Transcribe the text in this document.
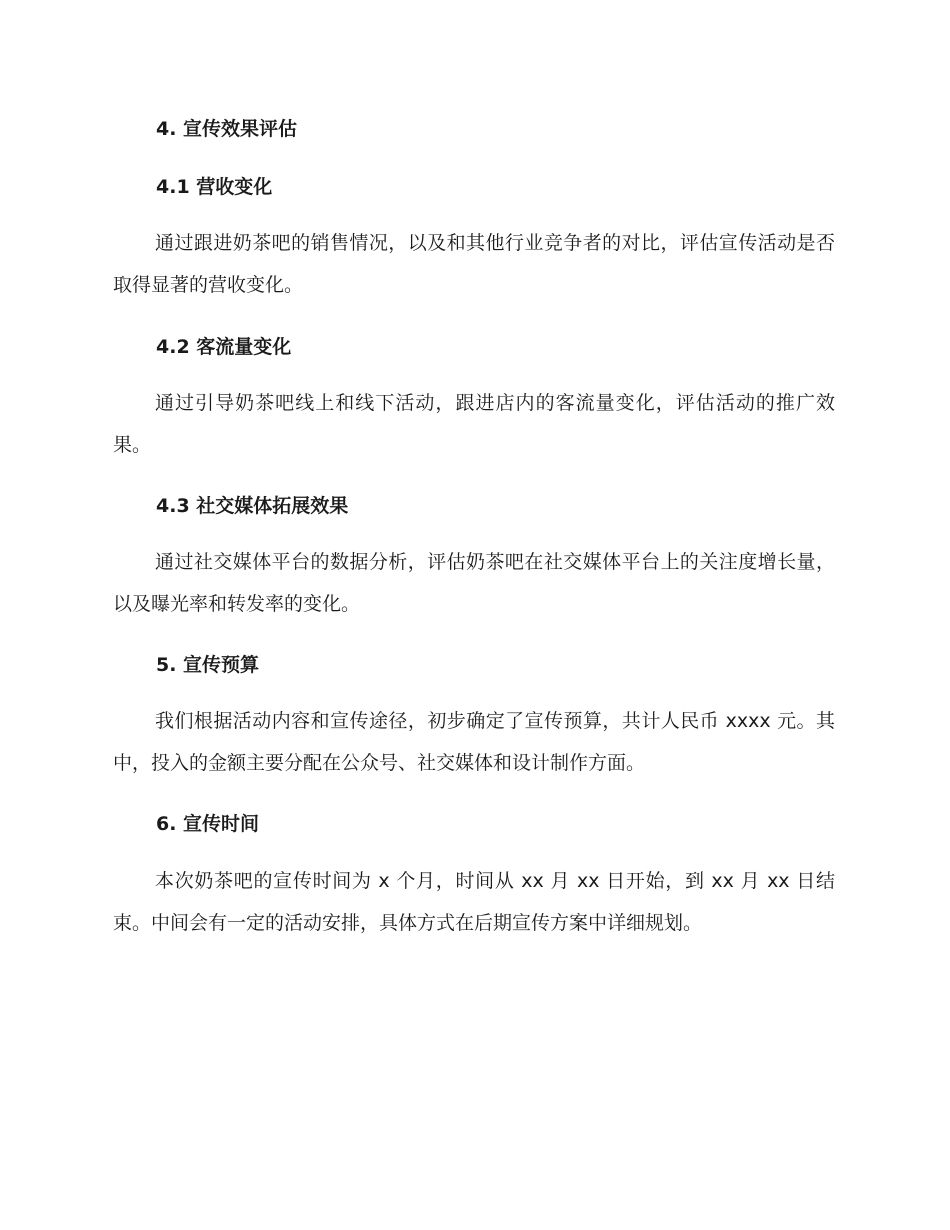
4. 宣传效果评估
4.1 营收变化

通过跟进奶茶吧的销售情况，以及和其他行业竞争者的对比，评估宣传活动是否取得显著的营收变化。

4.2 客流量变化

通过引导奶茶吧线上和线下活动，跟进店内的客流量变化，评估活动的推广效果。

4.3 社交媒体拓展效果

通过社交媒体平台的数据分析，评估奶茶吧在社交媒体平台上的关注度增长量，以及曝光率和转发率的变化。

5. 宣传预算

我们根据活动内容和宣传途径，初步确定了宣传预算，共计人民币 xxxx 元。其中，投入的金额主要分配在公众号、社交媒体和设计制作方面。

6. 宣传时间

本次奶茶吧的宣传时间为 x 个月，时间从 xx 月 xx 日开始，到 xx 月 xx 日结束。中间会有一定的活动安排，具体方式在后期宣传方案中详细规划。
